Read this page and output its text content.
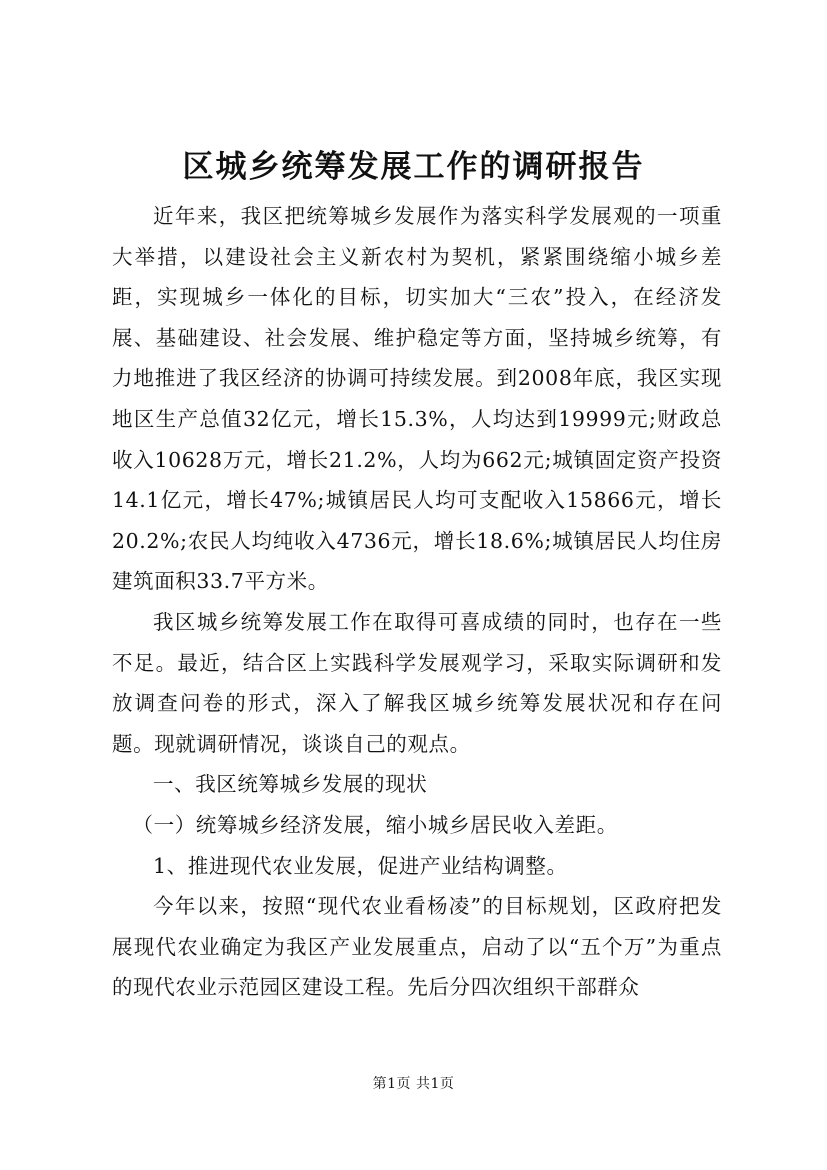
区城乡统筹发展工作的调研报告

近年来，我区把统筹城乡发展作为落实科学发展观的一项重大举措，以建设社会主义新农村为契机，紧紧围绕缩小城乡差距，实现城乡一体化的目标，切实加大“三农”投入，在经济发展、基础建设、社会发展、维护稳定等方面，坚持城乡统筹，有力地推进了我区经济的协调可持续发展。到2008年底，我区实现地区生产总值32亿元，增长15.3%，人均达到19999元;财政总收入10628万元，增长21.2%，人均为662元;城镇固定资产投资14.1亿元，增长47%;城镇居民人均可支配收入15866元，增长20.2%;农民人均纯收入4736元，增长18.6%;城镇居民人均住房建筑面积33.7平方米。

我区城乡统筹发展工作在取得可喜成绩的同时，也存在一些不足。最近，结合区上实践科学发展观学习，采取实际调研和发放调查问卷的形式，深入了解我区城乡统筹发展状况和存在问题。现就调研情况，谈谈自己的观点。

一、我区统筹城乡发展的现状

（一）统筹城乡经济发展，缩小城乡居民收入差距。

1、推进现代农业发展，促进产业结构调整。

今年以来，按照“现代农业看杨凌”的目标规划，区政府把发展现代农业确定为我区产业发展重点，启动了以“五个万”为重点的现代农业示范园区建设工程。先后分四次组织干部群众

第1页 共1页
